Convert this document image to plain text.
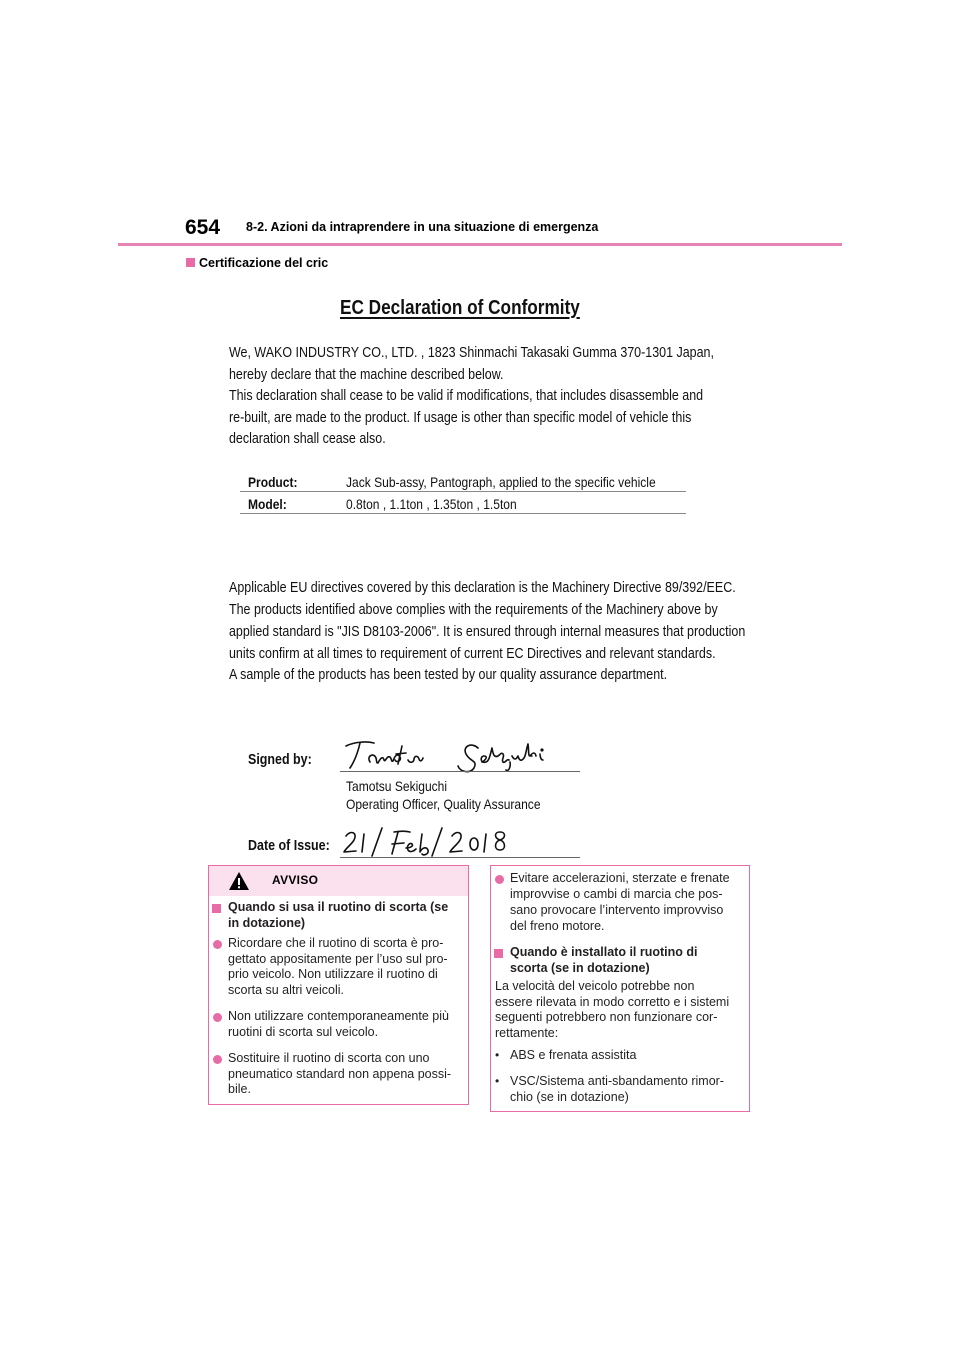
654 8-2. Azioni da intraprendere in una situazione di emergenza
Certificazione del cric
EC Declaration of Conformity
We, WAKO INDUSTRY CO., LTD. , 1823 Shinmachi Takasaki Gumma 370-1301 Japan,
hereby declare that the machine described below.
This declaration shall cease to be valid if modifications, that includes disassemble and
re-built, are made to the product. If usage is other than specific model of vehicle this
declaration shall cease also.
Product:	Jack Sub-assy, Pantograph, applied to the specific vehicle
Model:	0.8ton , 1.1ton , 1.35ton , 1.5ton
Applicable EU directives covered by this declaration is the Machinery Directive 89/392/EEC.
The products identified above complies with the requirements of the Machinery above by
applied standard is "JIS D8103-2006". It is ensured through internal measures that production
units confirm at all times to requirement of current EC Directives and relevant standards.
A sample of the products has been tested by our quality assurance department.
Signed by:
Tamotsu Sekiguchi
Operating Officer, Quality Assurance
Date of Issue:
AVVISO
Quando si usa il ruotino di scorta (se
in dotazione)
Ricordare che il ruotino di scorta è pro-
gettato appositamente per l’uso sul pro-
prio veicolo. Non utilizzare il ruotino di
scorta su altri veicoli.
Non utilizzare contemporaneamente più
ruotini di scorta sul veicolo.
Sostituire il ruotino di scorta con uno
pneumatico standard non appena possi-
bile.
Evitare accelerazioni, sterzate e frenate
improvvise o cambi di marcia che pos-
sano provocare l’intervento improvviso
del freno motore.
Quando è installato il ruotino di
scorta (se in dotazione)
La velocità del veicolo potrebbe non
essere rilevata in modo corretto e i sistemi
seguenti potrebbero non funzionare cor-
rettamente:
• ABS e frenata assistita
• VSC/Sistema anti-sbandamento rimor-
chio (se in dotazione)
